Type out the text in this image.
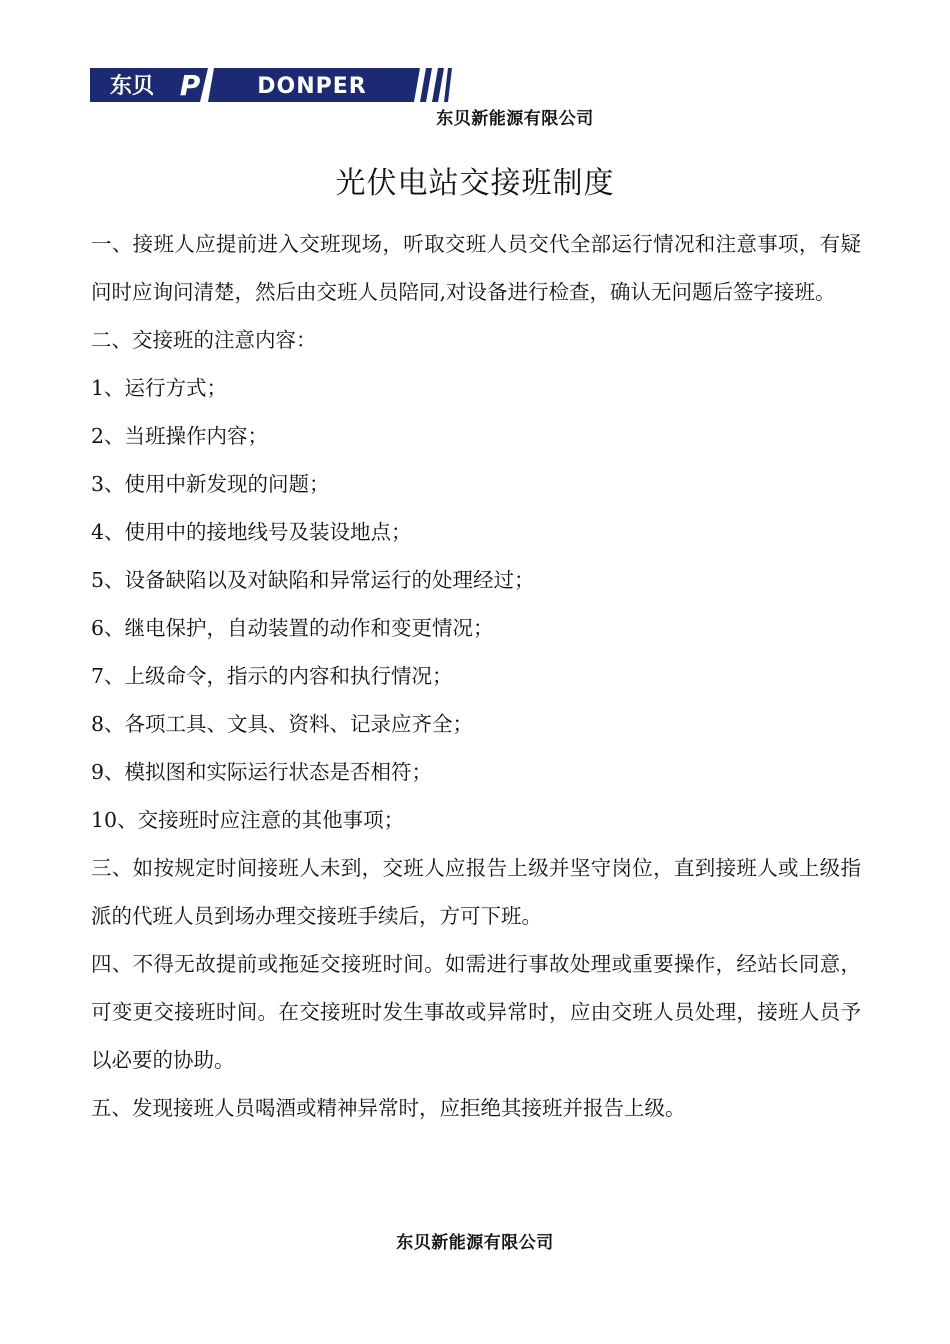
东贝 P	DONPER
东贝新能源有限公司
光伏电站交接班制度

一、接班人应提前进入交班现场，听取交班人员交代全部运行情况和注意事项，有疑问时应询问清楚，然后由交班人员陪同,对设备进行检查，确认无问题后签字接班。

二、交接班的注意内容：

1、运行方式；

2、当班操作内容；

3、使用中新发现的问题；

4、使用中的接地线号及装设地点；

5、设备缺陷以及对缺陷和异常运行的处理经过；

6、继电保护，自动装置的动作和变更情况；

7、上级命令，指示的内容和执行情况；

8、各项工具、文具、资料、记录应齐全；

9、模拟图和实际运行状态是否相符；

10、交接班时应注意的其他事项；

三、如按规定时间接班人未到，交班人应报告上级并坚守岗位，直到接班人或上级指派的代班人员到场办理交接班手续后，方可下班。

四、不得无故提前或拖延交接班时间。如需进行事故处理或重要操作，经站长同意，可变更交接班时间。在交接班时发生事故或异常时，应由交班人员处理，接班人员予以必要的协助。

五、发现接班人员喝酒或精神异常时，应拒绝其接班并报告上级。

东贝新能源有限公司
